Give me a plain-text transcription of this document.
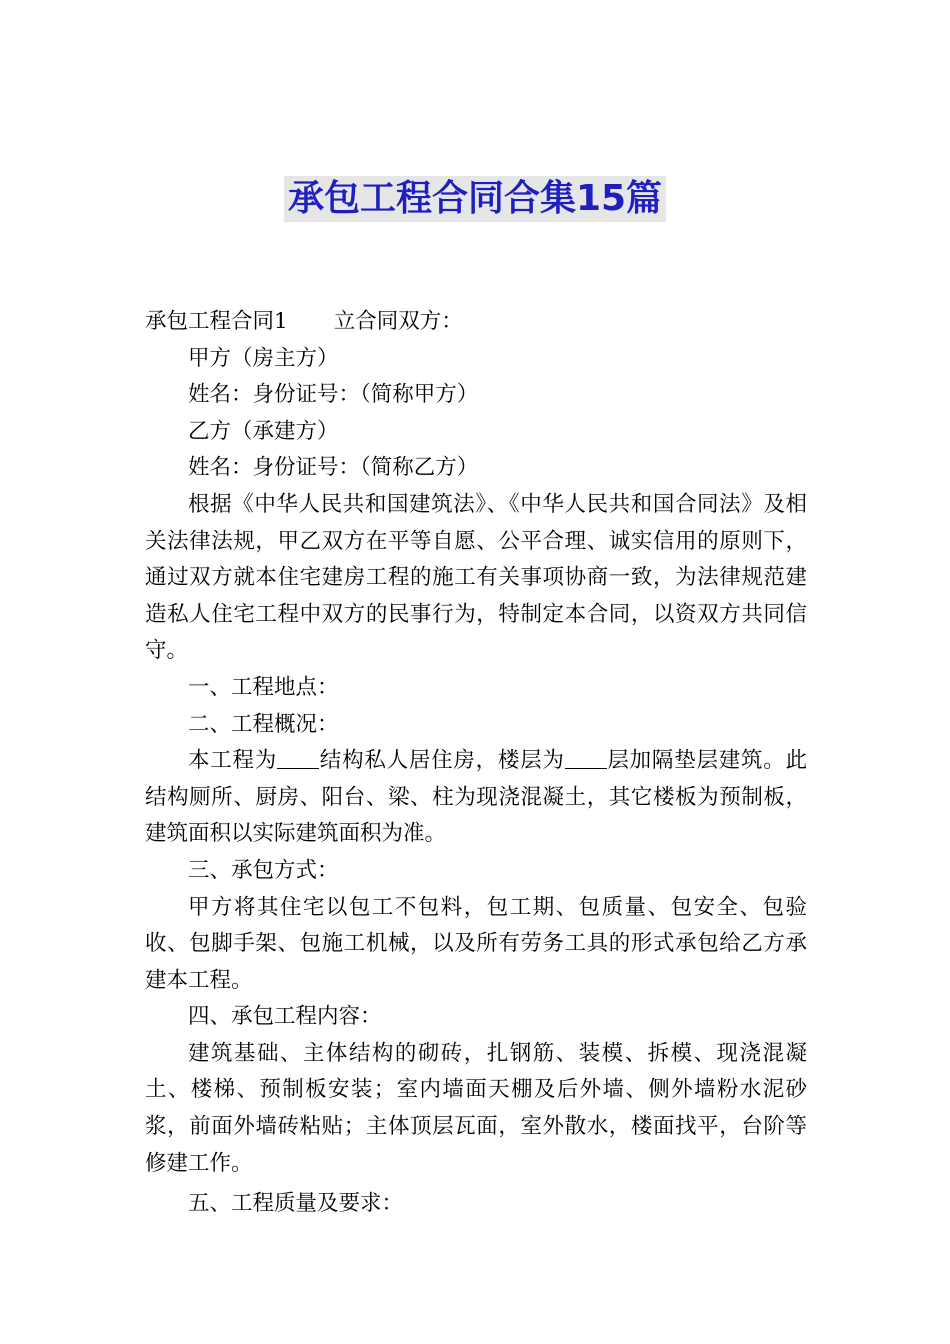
承包工程合同合集15篇

承包工程合同1 立合同双方：

甲方（房主方）

姓名：身份证号：（简称甲方）

乙方（承建方）

姓名：身份证号：（简称乙方）

根据《中华人民共和国建筑法》、《中华人民共和国合同法》及相关法律法规，甲乙双方在平等自愿、公平合理、诚实信用的原则下，通过双方就本住宅建房工程的施工有关事项协商一致，为法律规范建造私人住宅工程中双方的民事行为，特制定本合同，以资双方共同信守。

一、工程地点：

二、工程概况：

本工程为 结构私人居住房，楼层为 层加隔垫层建筑。此结构厕所、厨房、阳台、梁、柱为现浇混凝土，其它楼板为预制板，建筑面积以实际建筑面积为准。

三、承包方式：

甲方将其住宅以包工不包料，包工期、包质量、包安全、包验收、包脚手架、包施工机械，以及所有劳务工具的形式承包给乙方承建本工程。

四、承包工程内容：

建筑基础、主体结构的砌砖，扎钢筋、装模、拆模、现浇混凝土、楼梯、预制板安装；室内墙面天棚及后外墙、侧外墙粉水泥砂浆，前面外墙砖粘贴；主体顶层瓦面，室外散水，楼面找平，台阶等修建工作。

五、工程质量及要求：
